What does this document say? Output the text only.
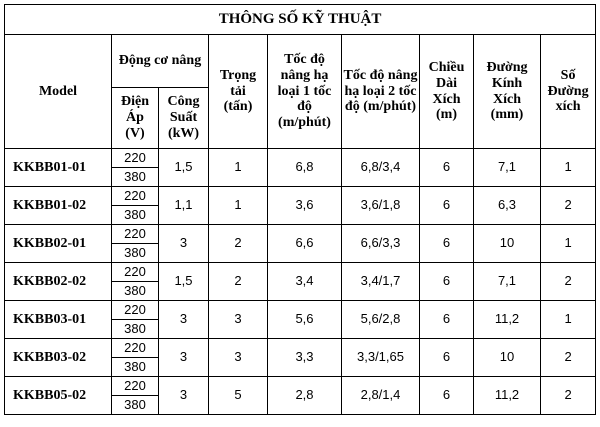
THÔNG SỐ KỸ THUẬT								
Model	Động cơ nâng		Trọng tải (tấn)	Tốc độ nâng hạ loại 1 tốc độ (m/phút)	Tốc độ nâng hạ loại 2 tốc độ (m/phút)	Chiều Dài Xích (m)	Đường Kính Xích (mm)	Số Đường xích

	Điện Áp (V)	Công Suất (kW)						

KKBB01-01	220	1,5	1	6,8	6,8/3,4	6	7,1	1
	380							
KKBB01-02	220	1,1	1	3,6	3,6/1,8	6	6,3	2
	380							
KKBB02-01	220	3	2	6,6	6,6/3,3	6	10	1
	380							
KKBB02-02	220	1,5	2	3,4	3,4/1,7	6	7,1	2
	380							
KKBB03-01	220	3	3	5,6	5,6/2,8	6	11,2	1
	380							
KKBB03-02	220	3	3	3,3	3,3/1,65	6	10	2
	380							
KKBB05-02	220	3	5	2,8	2,8/1,4	6	11,2	2
	380							
